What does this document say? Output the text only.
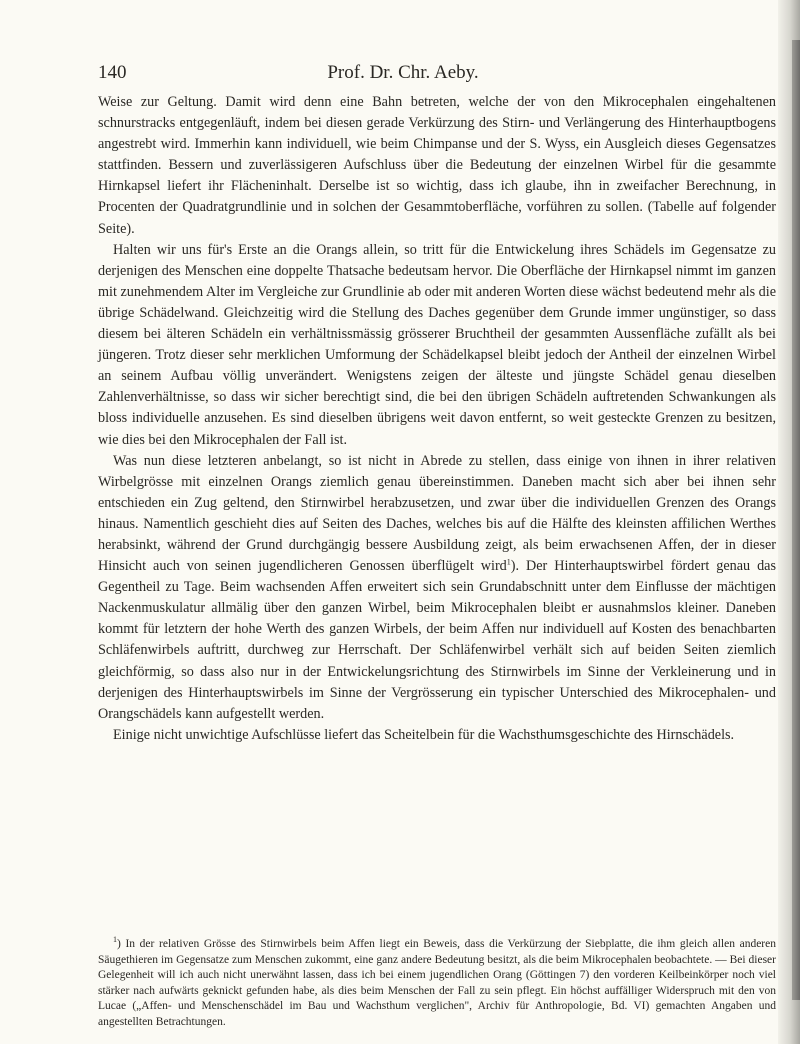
140	Prof. Dr. Chr. Aeby.

Weise zur Geltung. Damit wird denn eine Bahn betreten, welche der von den Mikrocephalen eingehaltenen schnurstracks entgegenläuft, indem bei diesen gerade Verkürzung des Stirn- und Verlängerung des Hinterhauptbogens angestrebt wird. Immerhin kann individuell, wie beim Chimpanse und der S. Wyss, ein Ausgleich dieses Gegensatzes stattfinden. Bessern und zuverlässigeren Aufschluss über die Bedeutung der einzelnen Wirbel für die gesammte Hirnkapsel liefert ihr Flächeninhalt. Derselbe ist so wichtig, dass ich glaube, ihn in zweifacher Berechnung, in Procenten der Quadratgrundlinie und in solchen der Gesammtoberfläche, vorführen zu sollen. (Tabelle auf folgender Seite).

Halten wir uns für's Erste an die Orangs allein, so tritt für die Entwickelung ihres Schädels im Gegensatze zu derjenigen des Menschen eine doppelte Thatsache bedeutsam hervor. Die Oberfläche der Hirnkapsel nimmt im ganzen mit zunehmendem Alter im Vergleiche zur Grundlinie ab oder mit anderen Worten diese wächst bedeutend mehr als die übrige Schädelwand. Gleichzeitig wird die Stellung des Daches gegenüber dem Grunde immer ungünstiger, so dass diesem bei älteren Schädeln ein verhältnissmässig grösserer Bruchtheil der gesammten Aussenfläche zufällt als bei jüngeren. Trotz dieser sehr merklichen Umformung der Schädelkapsel bleibt jedoch der Antheil der einzelnen Wirbel an seinem Aufbau völlig unverändert. Wenigstens zeigen der älteste und jüngste Schädel genau dieselben Zahlenverhältnisse, so dass wir sicher berechtigt sind, die bei den übrigen Schädeln auftretenden Schwankungen als bloss individuelle anzusehen. Es sind dieselben übrigens weit davon entfernt, so weit gesteckte Grenzen zu besitzen, wie dies bei den Mikrocephalen der Fall ist.

Was nun diese letzteren anbelangt, so ist nicht in Abrede zu stellen, dass einige von ihnen in ihrer relativen Wirbelgrösse mit einzelnen Orangs ziemlich genau übereinstimmen. Daneben macht sich aber bei ihnen sehr entschieden ein Zug geltend, den Stirnwirbel herabzusetzen, und zwar über die individuellen Grenzen des Orangs hinaus. Namentlich geschieht dies auf Seiten des Daches, welches bis auf die Hälfte des kleinsten affilichen Werthes herabsinkt, während der Grund durchgängig bessere Ausbildung zeigt, als beim erwachsenen Affen, der in dieser Hinsicht auch von seinen jugendlicheren Genossen überflügelt wird$^1$). Der Hinterhauptswirbel fördert genau das Gegentheil zu Tage. Beim wachsenden Affen erweitert sich sein Grundabschnitt unter dem Einflusse der mächtigen Nackenmuskulatur allmälig über den ganzen Wirbel, beim Mikrocephalen bleibt er ausnahmslos kleiner. Daneben kommt für letztern der hohe Werth des ganzen Wirbels, der beim Affen nur individuell auf Kosten des benachbarten Schläfenwirbels auftritt, durchweg zur Herrschaft. Der Schläfenwirbel verhält sich auf beiden Seiten ziemlich gleichförmig, so dass also nur in der Entwickelungsrichtung des Stirnwirbels im Sinne der Verkleinerung und in derjenigen des Hinterhauptswirbels im Sinne der Vergrösserung ein typischer Unterschied des Mikrocephalen- und Orangschädels kann aufgestellt werden.

Einige nicht unwichtige Aufschlüsse liefert das Scheitelbein für die Wachsthumsgeschichte des Hirnschädels.

$^1$) In der relativen Grösse des Stirnwirbels beim Affen liegt ein Beweis, dass die Verkürzung der Siebplatte, die ihm gleich allen anderen Säugethieren im Gegensatze zum Menschen zukommt, eine ganz andere Bedeutung besitzt, als die beim Mikrocephalen beobachtete. — Bei dieser Gelegenheit will ich auch nicht unerwähnt lassen, dass ich bei einem jugendlichen Orang (Göttingen 7) den vorderen Keilbeinkörper noch viel stärker nach aufwärts geknickt gefunden habe, als dies beim Menschen der Fall zu sein pflegt. Ein höchst auffälliger Widerspruch mit den von Lucae („Affen- und Menschenschädel im Bau und Wachsthum verglichen", Archiv für Anthropologie, Bd. VI) gemachten Angaben und angestellten Betrachtungen.
